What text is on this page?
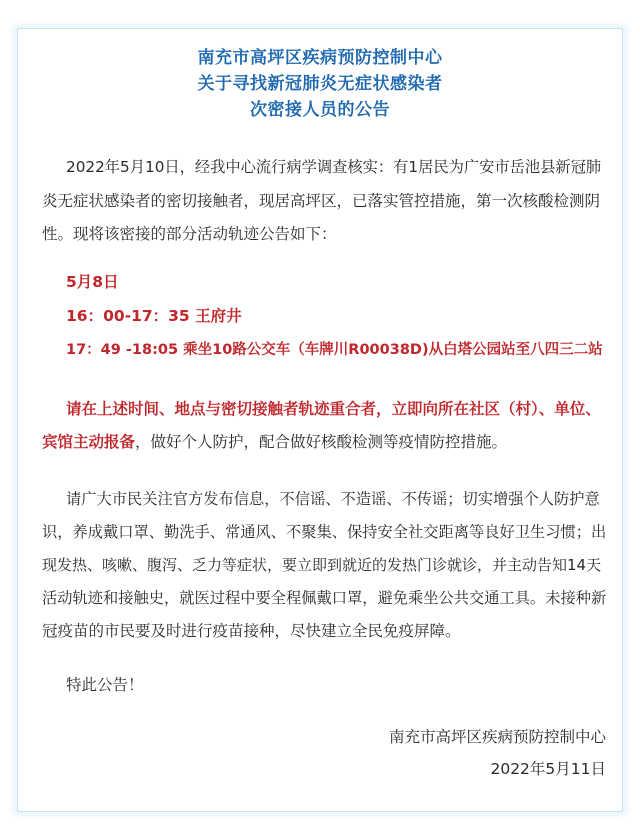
南充市高坪区疾病预防控制中心
关于寻找新冠肺炎无症状感染者
次密接人员的公告
2022年5月10日，经我中心流行病学调查核实：有1居民为广安市岳池县新冠肺
炎无症状感染者的密切接触者，现居高坪区，已落实管控措施，第一次核酸检测阴
性。现将该密接的部分活动轨迹公告如下：
5月8日
16：00-17：35 王府井
17：49 -18:05 乘坐10路公交车（车牌川R00038D)从白塔公园站至八四三二站
请在上述时间、地点与密切接触者轨迹重合者，立即向所在社区（村）、单位、
宾馆主动报备，做好个人防护，配合做好核酸检测等疫情防控措施。
请广大市民关注官方发布信息，不信谣、不造谣、不传谣；切实增强个人防护意
识，养成戴口罩、勤洗手、常通风、不聚集、保持安全社交距离等良好卫生习惯；出
现发热、咳嗽、腹泻、乏力等症状，要立即到就近的发热门诊就诊，并主动告知14天
活动轨迹和接触史，就医过程中要全程佩戴口罩，避免乘坐公共交通工具。未接种新
冠疫苗的市民要及时进行疫苗接种，尽快建立全民免疫屏障。
特此公告！
南充市高坪区疾病预防控制中心
2022年5月11日
